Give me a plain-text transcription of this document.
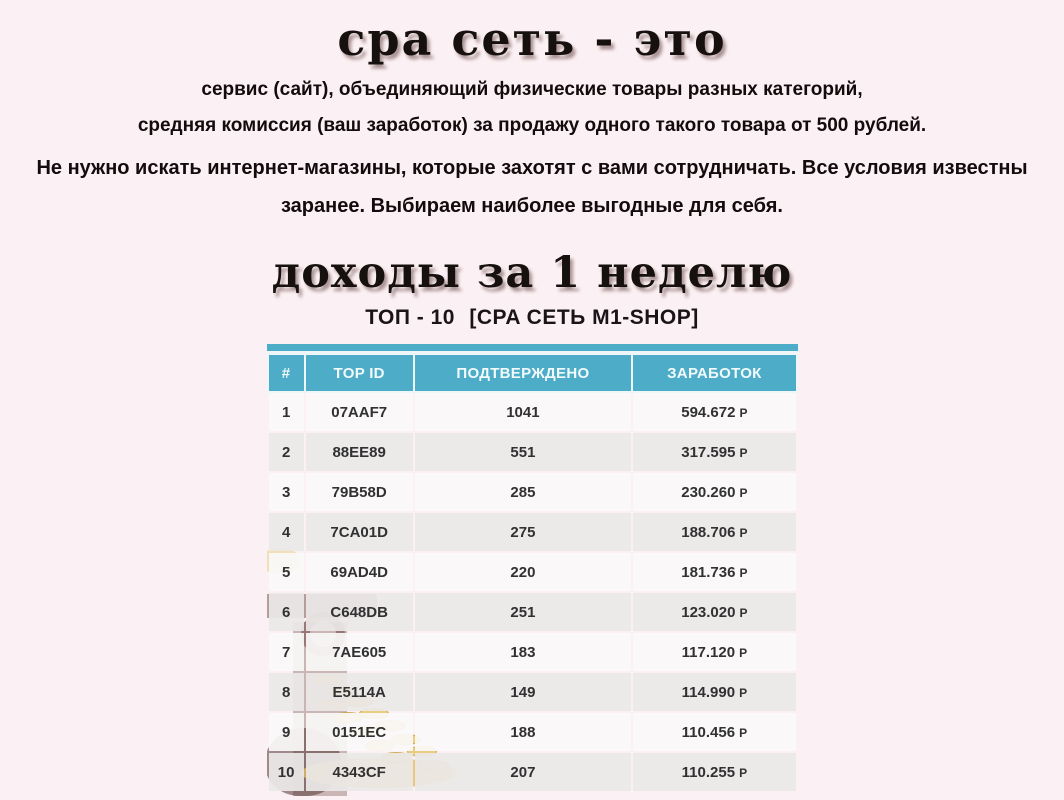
cpa сеть - это

сервис (сайт), объединяющий физические товары разных категорий,

средняя комиссия (ваш заработок) за продажу одного такого товара от 500 рублей.

Не нужно искать интернет-магазины, которые захотят с вами сотрудничать. Все условия известны
заранее. Выбираем наиболее выгодные для себя.
доходы за 1 неделю
ТОП - 10 [CPA СЕТЬ M1-SHOP]
#	TOP ID	ПОДТВЕРЖДЕНО	ЗАРАБОТОК
1	07AAF7	1041	594.672 Р
2	88EE89	551	317.595 Р
3	79B58D	285	230.260 Р
4	7CA01D	275	188.706 Р
5	69AD4D	220	181.736 Р
6	C648DB	251	123.020 Р
7	7AE605	183	117.120 Р
8	E5114A	149	114.990 Р
9	0151EC	188	110.456 Р
10	4343CF	207	110.255 Р
